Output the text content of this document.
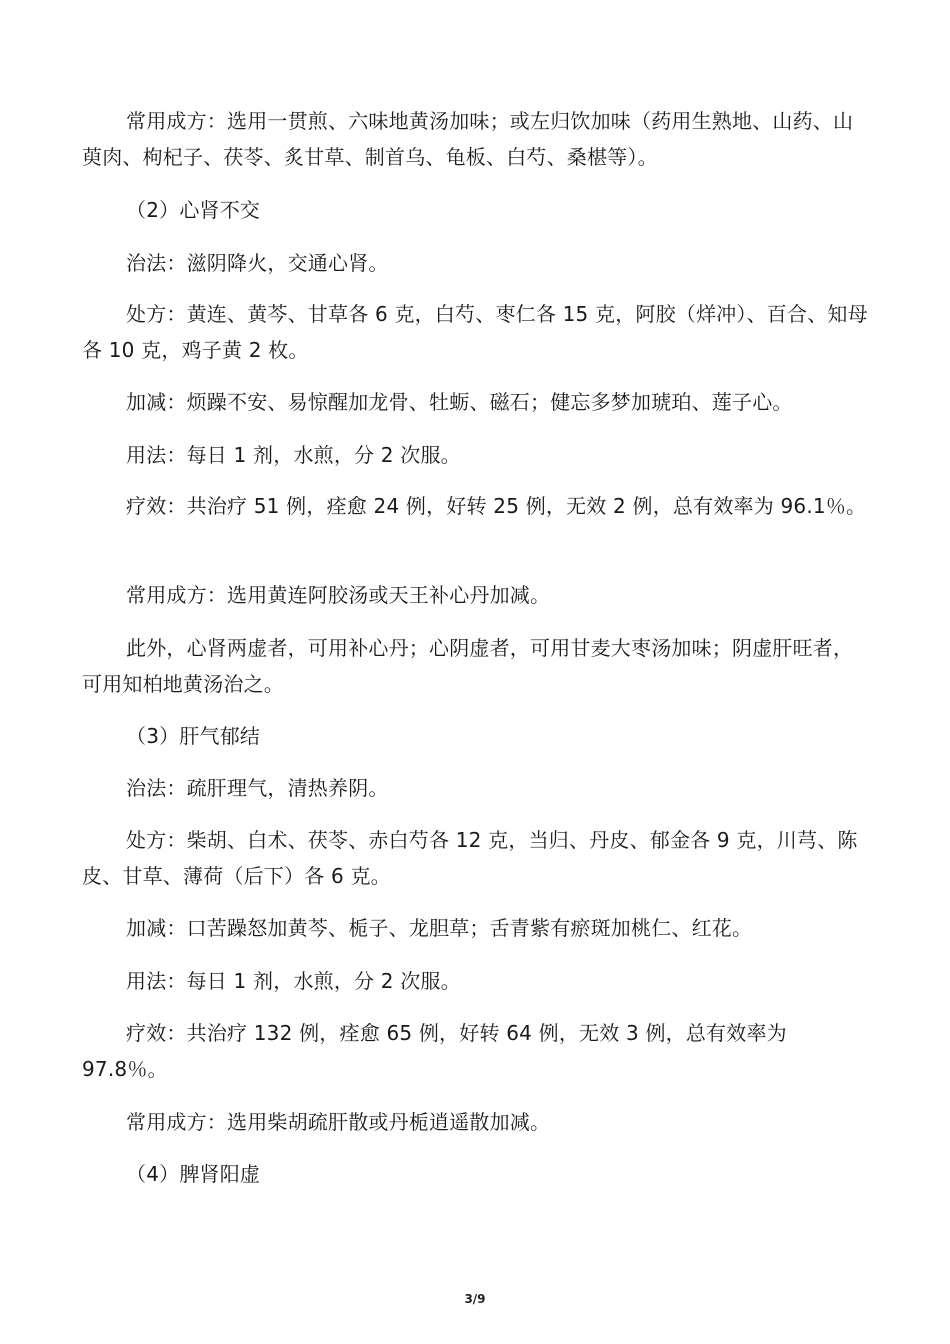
常用成方：选用一贯煎、六味地黄汤加味；或左归饮加味（药用生熟地、山药、山萸肉、枸杞子、茯苓、炙甘草、制首乌、龟板、白芍、桑椹等）。

（2）心肾不交

治法：滋阴降火，交通心肾。

处方：黄连、黄芩、甘草各 6 克，白芍、枣仁各 15 克，阿胶（烊冲）、百合、知母各 10 克，鸡子黄 2 枚。

加减：烦躁不安、易惊醒加龙骨、牡蛎、磁石；健忘多梦加琥珀、莲子心。

用法：每日 1 剂，水煎，分 2 次服。

疗效：共治疗 51 例，痊愈 24 例，好转 25 例，无效 2 例，总有效率为 96.1％。

常用成方：选用黄连阿胶汤或天王补心丹加减。

此外，心肾两虚者，可用补心丹；心阴虚者，可用甘麦大枣汤加味；阴虚肝旺者，可用知柏地黄汤治之。

（3）肝气郁结

治法：疏肝理气，清热养阴。

处方：柴胡、白术、茯苓、赤白芍各 12 克，当归、丹皮、郁金各 9 克，川芎、陈皮、甘草、薄荷（后下）各 6 克。

加减：口苦躁怒加黄芩、栀子、龙胆草；舌青紫有瘀斑加桃仁、红花。

用法：每日 1 剂，水煎，分 2 次服。

疗效：共治疗 132 例，痊愈 65 例，好转 64 例，无效 3 例，总有效率为 97.8％。

常用成方：选用柴胡疏肝散或丹栀逍遥散加减。

（4）脾肾阳虚

3/9
